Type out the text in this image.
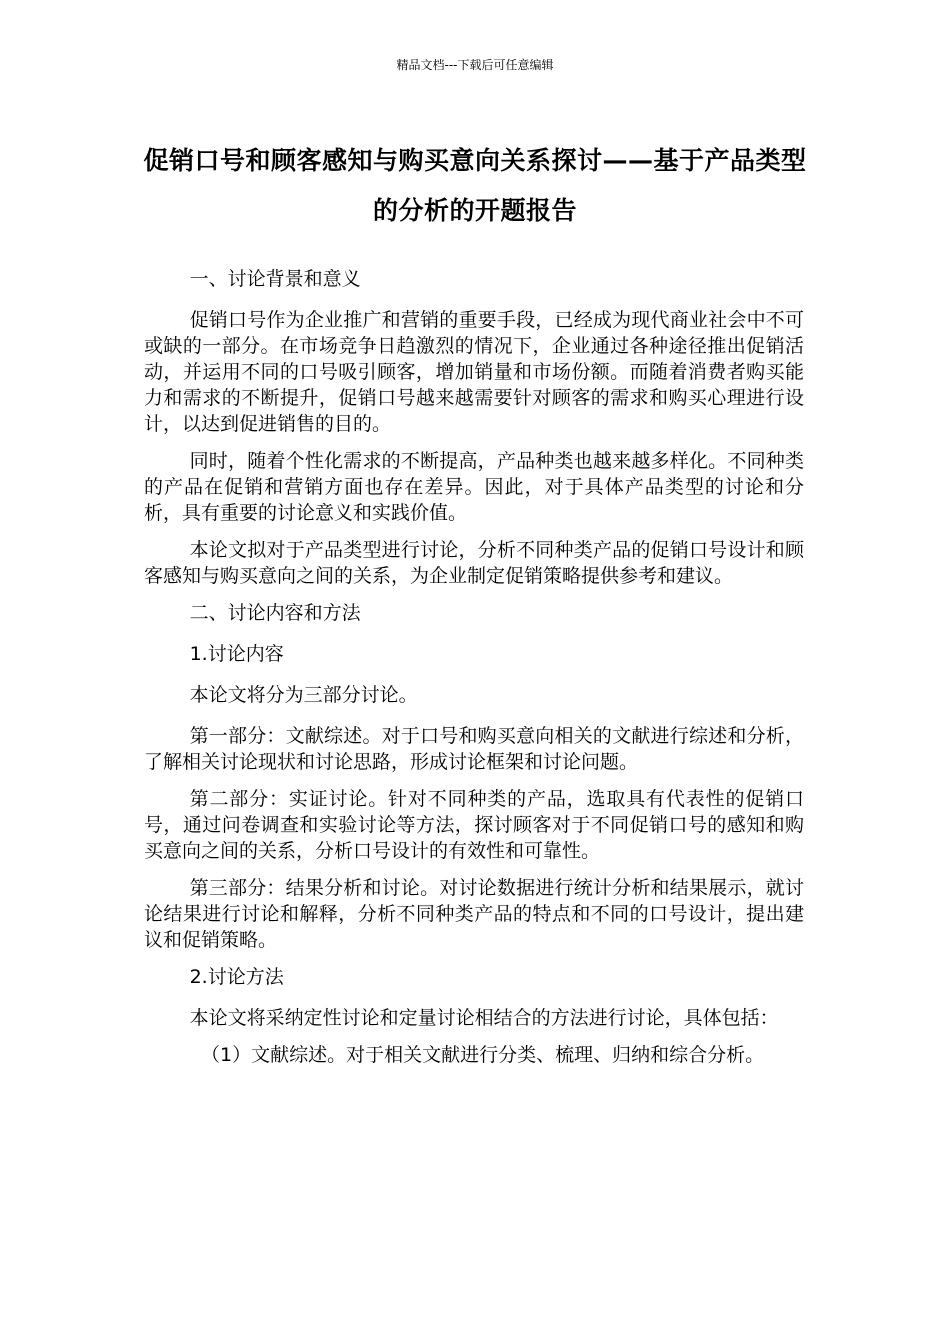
精品文档---下载后可任意编辑
促销口号和顾客感知与购买意向关系探讨——基于产品类型的分析的开题报告

一、讨论背景和意义

促销口号作为企业推广和营销的重要手段，已经成为现代商业社会中不可或缺的一部分。在市场竞争日趋激烈的情况下，企业通过各种途径推出促销活动，并运用不同的口号吸引顾客，增加销量和市场份额。而随着消费者购买能力和需求的不断提升，促销口号越来越需要针对顾客的需求和购买心理进行设计，以达到促进销售的目的。

同时，随着个性化需求的不断提高，产品种类也越来越多样化。不同种类的产品在促销和营销方面也存在差异。因此，对于具体产品类型的讨论和分析，具有重要的讨论意义和实践价值。

本论文拟对于产品类型进行讨论，分析不同种类产品的促销口号设计和顾客感知与购买意向之间的关系，为企业制定促销策略提供参考和建议。

二、讨论内容和方法

1.讨论内容

本论文将分为三部分讨论。

第一部分：文献综述。对于口号和购买意向相关的文献进行综述和分析，了解相关讨论现状和讨论思路，形成讨论框架和讨论问题。

第二部分：实证讨论。针对不同种类的产品，选取具有代表性的促销口号，通过问卷调查和实验讨论等方法，探讨顾客对于不同促销口号的感知和购买意向之间的关系，分析口号设计的有效性和可靠性。

第三部分：结果分析和讨论。对讨论数据进行统计分析和结果展示，就讨论结果进行讨论和解释，分析不同种类产品的特点和不同的口号设计，提出建议和促销策略。

2.讨论方法

本论文将采纳定性讨论和定量讨论相结合的方法进行讨论，具体包括：

（1）文献综述。对于相关文献进行分类、梳理、归纳和综合分析。
